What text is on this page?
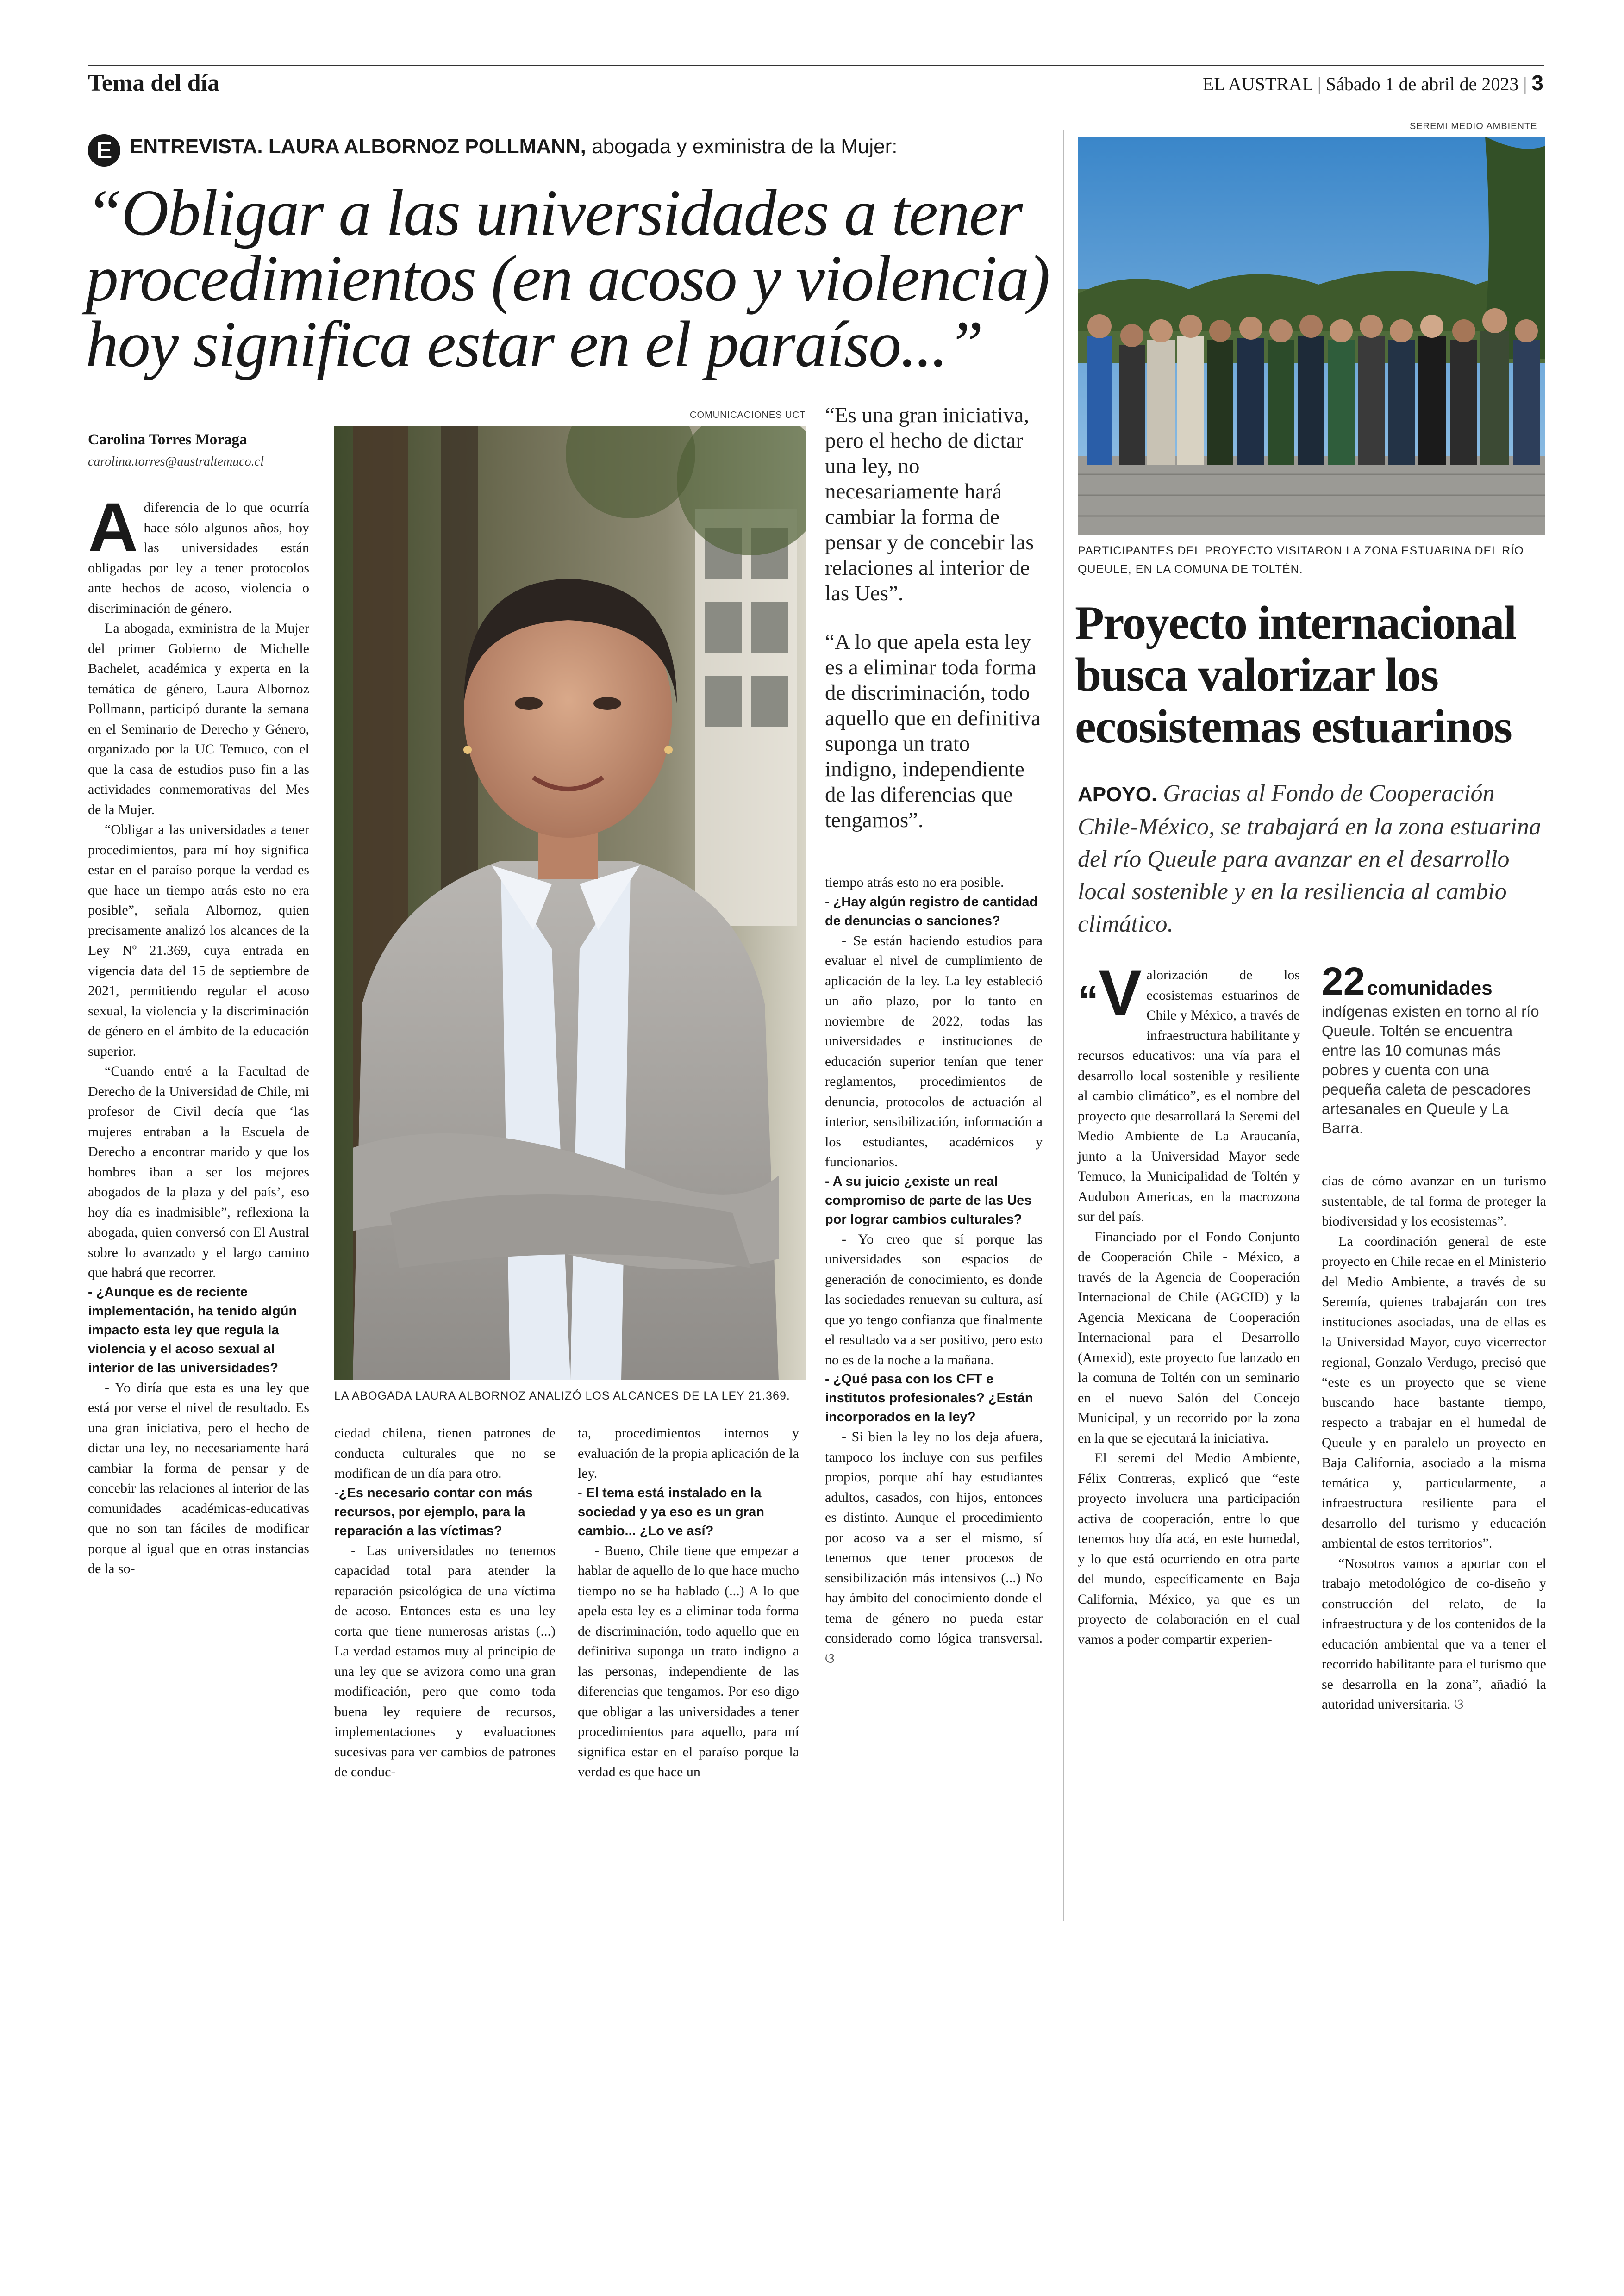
Tema del día	EL AUSTRAL | Sábado 1 de abril de 2023 | 3
E ENTREVISTA. LAURA ALBORNOZ POLLMANN, abogada y exministra de la Mujer:
“Obligar a las universidades a tener
procedimientos (en acoso y violencia)
hoy significa estar en el paraíso...”
Carolina Torres Moraga
carolina.torres@australtemuco.cl
COMUNICACIONES UCT
LA ABOGADA LAURA ALBORNOZ ANALIZÓ LOS ALCANCES DE LA LEY 21.369.

Adiferencia de lo que ocurría hace sólo algunos años, hoy las universidades están obligadas por ley a tener protocolos ante hechos de acoso, violencia o discriminación de género.

La abogada, exministra de la Mujer del primer Gobierno de Michelle Bachelet, académica y experta en la temática de género, Laura Albornoz Pollmann, participó durante la semana en el Seminario de Derecho y Género, organizado por la UC Temuco, con el que la casa de estudios puso fin a las actividades conmemorativas del Mes de la Mujer.

“Obligar a las universidades a tener procedimientos, para mí hoy significa estar en el paraíso porque la verdad es que hace un tiempo atrás esto no era posible”, señala Albornoz, quien precisamente analizó los alcances de la Ley Nº 21.369, cuya entrada en vigencia data del 15 de septiembre de 2021, permitiendo regular el acoso sexual, la violencia y la discriminación de género en el ámbito de la educación superior.

“Cuando entré a la Facultad de Derecho de la Universidad de Chile, mi profesor de Civil decía que ‘las mujeres entraban a la Escuela de Derecho a encontrar marido y que los hombres iban a ser los mejores abogados de la plaza y del país’, eso hoy día es inadmisible”, reflexiona la abogada, quien conversó con El Austral sobre lo avanzado y el largo camino que habrá que recorrer.

- ¿Aunque es de reciente implementación, ha tenido algún impacto esta ley que regula la violencia y el acoso sexual al interior de las universidades?

- Yo diría que esta es una ley que está por verse el nivel de resultado. Es una gran iniciativa, pero el hecho de dictar una ley, no necesariamente hará cambiar la forma de pensar y de concebir las relaciones al interior de las comunidades académicas-educativas que no son tan fáciles de modificar porque al igual que en otras instancias de la so-

ciedad chilena, tienen patrones de conducta culturales que no se modifican de un día para otro.

-¿Es necesario contar con más recursos, por ejemplo, para la reparación a las víctimas?

- Las universidades no tenemos capacidad total para atender la reparación psicológica de una víctima de acoso. Entonces esta es una ley corta que tiene numerosas aristas (...) La verdad estamos muy al principio de una ley que se avizora como una gran modificación, pero que como toda buena ley requiere de recursos, implementaciones y evaluaciones sucesivas para ver cambios de patrones de conduc-

ta, procedimientos internos y evaluación de la propia aplicación de la ley.

- El tema está instalado en la sociedad y ya eso es un gran cambio... ¿Lo ve así?

- Bueno, Chile tiene que empezar a hablar de aquello de lo que hace mucho tiempo no se ha hablado (...) A lo que apela esta ley es a eliminar toda forma de discriminación, todo aquello que en definitiva suponga un trato indigno a las personas, independiente de las diferencias que tengamos. Por eso digo que obligar a las universidades a tener procedimientos para aquello, para mí significa estar en el paraíso porque la verdad es que hace un

“Es una gran iniciativa, pero el hecho de dictar una ley, no necesariamente hará cambiar la forma de pensar y de concebir las relaciones al interior de las Ues”.
“A lo que apela esta ley es a eliminar toda forma de discriminación, todo aquello que en definitiva suponga un trato indigno, independiente de las diferencias que tengamos”.

tiempo atrás esto no era posible.

- ¿Hay algún registro de cantidad de denuncias o sanciones?

- Se están haciendo estudios para evaluar el nivel de cumplimiento de aplicación de la ley. La ley estableció un año plazo, por lo tanto en noviembre de 2022, todas las universidades e instituciones de educación superior tenían que tener reglamentos, procedimientos de denuncia, protocolos de actuación al interior, sensibilización, información a los estudiantes, académicos y funcionarios.

- A su juicio ¿existe un real compromiso de parte de las Ues por lograr cambios culturales?

- Yo creo que sí porque las universidades son espacios de generación de conocimiento, es donde las sociedades renuevan su cultura, así que yo tengo confianza que finalmente el resultado va a ser positivo, pero esto no es de la noche a la mañana.

- ¿Qué pasa con los CFT e institutos profesionales? ¿Están incorporados en la ley?

- Si bien la ley no los deja afuera, tampoco los incluye con sus perfiles propios, porque ahí hay estudiantes adultos, casados, con hijos, entonces es distinto. Aunque el procedimiento por acoso va a ser el mismo, sí tenemos que tener procesos de sensibilización más intensivos (...) No hay ámbito del conocimiento donde el tema de género no pueda estar considerado como lógica transversal. ଓ

SEREMI MEDIO AMBIENTE
PARTICIPANTES DEL PROYECTO VISITARON LA ZONA ESTUARINA DEL RÍO QUEULE, EN LA COMUNA DE TOLTÉN.
Proyecto internacional busca valorizar los ecosistemas estuarinos
APOYO. Gracias al Fondo de Cooperación Chile-México, se trabajará en la zona estuarina del río Queule para avanzar en el desarrollo local sostenible y en la resiliencia al cambio climático.

“V alorización de los ecosistemas estuarinos de Chile y México, a través de infraestructura habilitante y recursos educativos: una vía para el desarrollo local sostenible y resiliente al cambio climático”, es el nombre del proyecto que desarrollará la Seremi del Medio Ambiente de La Araucanía, junto a la Universidad Mayor sede Temuco, la Municipalidad de Toltén y Audubon Americas, en la macrozona sur del país.

Financiado por el Fondo Conjunto de Cooperación Chile - México, a través de la Agencia de Cooperación Internacional de Chile (AGCID) y la Agencia Mexicana de Cooperación Internacional para el Desarrollo (Amexid), este proyecto fue lanzado en la comuna de Toltén con un seminario en el nuevo Salón del Concejo Municipal, y un recorrido por la zona en la que se ejecutará la iniciativa.

El seremi del Medio Ambiente, Félix Contreras, explicó que “este proyecto involucra una participación activa de cooperación, entre lo que tenemos hoy día acá, en este humedal, y lo que está ocurriendo en otra parte del mundo, específicamente en Baja California, México, ya que es un proyecto de colaboración en el cual vamos a poder compartir experien-

22 comunidades
indígenas existen en torno al río Queule. Toltén se encuentra entre las 10 comunas más pobres y cuenta con una pequeña caleta de pescadores artesanales en Queule y La Barra.

cias de cómo avanzar en un turismo sustentable, de tal forma de proteger la biodiversidad y los ecosistemas”.

La coordinación general de este proyecto en Chile recae en el Ministerio del Medio Ambiente, a través de su Seremía, quienes trabajarán con tres instituciones asociadas, una de ellas es la Universidad Mayor, cuyo vicerrector regional, Gonzalo Verdugo, precisó que “este es un proyecto que se viene buscando hace bastante tiempo, respecto a trabajar en el humedal de Queule y en paralelo un proyecto en Baja California, asociado a la misma temática y, particularmente, a infraestructura resiliente para el desarrollo del turismo y educación ambiental de estos territorios”.

“Nosotros vamos a aportar con el trabajo metodológico de co-diseño y construcción del relato, de la infraestructura y de los contenidos de la educación ambiental que va a tener el recorrido habilitante para el turismo que se desarrolla en la zona”, añadió la autoridad universitaria. ଓ
